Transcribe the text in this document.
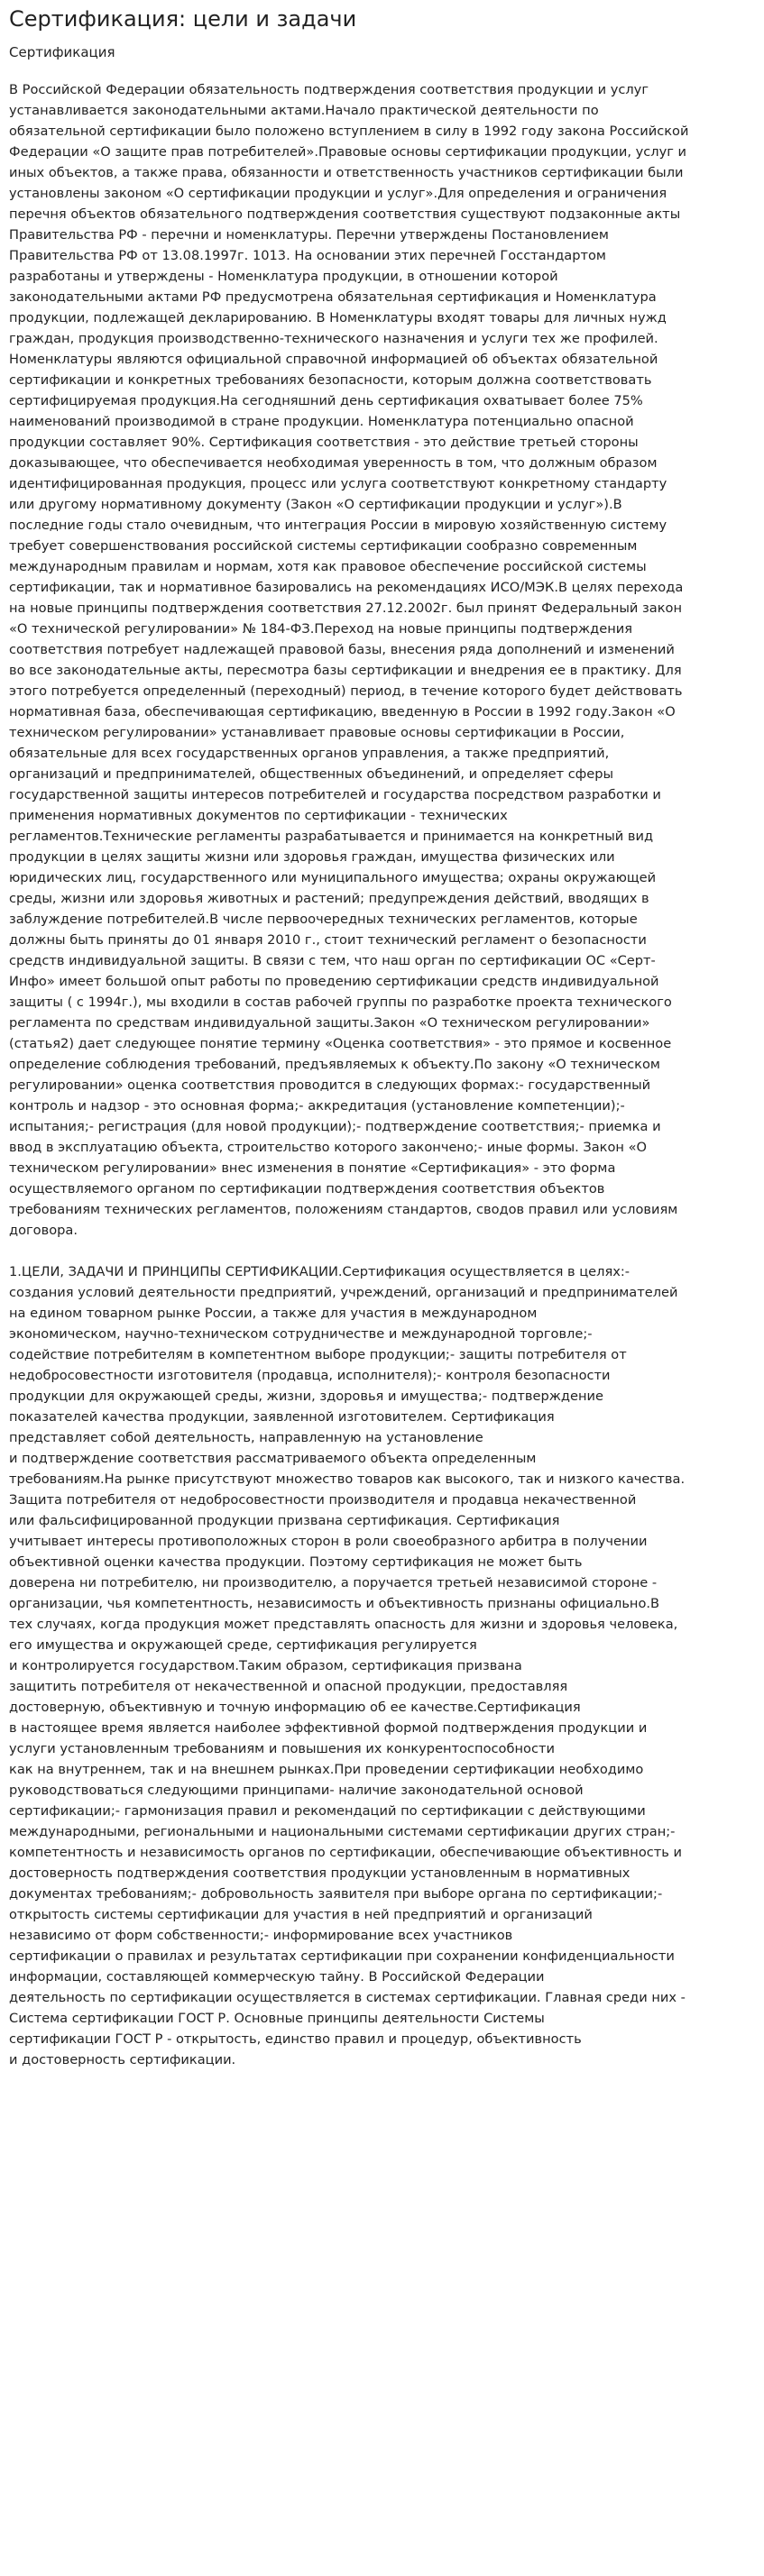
Сертификация: цели и задачи
Сертификация
В Российской Федерации обязательность подтверждения соответствия продукции и услуг
устанавливается законодательными актами.Начало практической деятельности по
обязательной сертификации было положено вступлением в силу в 1992 году закона Российской
Федерации «О защите прав потребителей».Правовые основы сертификации продукции, услуг и
иных объектов, а также права, обязанности и ответственность участников сертификации были
установлены законом «О сертификации продукции и услуг».Для определения и ограничения
перечня объектов обязательного подтверждения соответствия существуют подзаконные акты
Правительства РФ - перечни и номенклатуры. Перечни утверждены Постановлением
Правительства РФ от 13.08.1997г. 1013. На основании этих перечней Госстандартом
разработаны и утверждены - Номенклатура продукции, в отношении которой
законодательными актами РФ предусмотрена обязательная сертификация и Номенклатура
продукции, подлежащей декларированию. В Номенклатуры входят товары для личных нужд
граждан, продукция производственно-технического назначения и услуги тех же профилей.
Номенклатуры являются официальной справочной информацией об объектах обязательной
сертификации и конкретных требованиях безопасности, которым должна соответствовать
сертифицируемая продукция.На сегодняшний день сертификация охватывает более 75%
наименований производимой в стране продукции. Номенклатура потенциально опасной
продукции составляет 90%. Сертификация соответствия - это действие третьей стороны
доказывающее, что обеспечивается необходимая уверенность в том, что должным образом
идентифицированная продукция, процесс или услуга соответствуют конкретному стандарту
или другому нормативному документу (Закон «О сертификации продукции и услуг»).В
последние годы стало очевидным, что интеграция России в мировую хозяйственную систему
требует совершенствования российской системы сертификации сообразно современным
международным правилам и нормам, хотя как правовое обеспечение российской системы
сертификации, так и нормативное базировались на рекомендациях ИСО/МЭК.В целях перехода
на новые принципы подтверждения соответствия 27.12.2002г. был принят Федеральный закон
«О технической регулировании» № 184-ФЗ.Переход на новые принципы подтверждения
соответствия потребует надлежащей правовой базы, внесения ряда дополнений и изменений
во все законодательные акты, пересмотра базы сертификации и внедрения ее в практику. Для
этого потребуется определенный (переходный) период, в течение которого будет действовать
нормативная база, обеспечивающая сертификацию, введенную в России в 1992 году.Закон «О
техническом регулировании» устанавливает правовые основы сертификации в России,
обязательные для всех государственных органов управления, а также предприятий,
организаций и предпринимателей, общественных объединений, и определяет сферы
государственной защиты интересов потребителей и государства посредством разработки и
применения нормативных документов по сертификации - технических
регламентов.Технические регламенты разрабатывается и принимается на конкретный вид
продукции в целях защиты жизни или здоровья граждан, имущества физических или
юридических лиц, государственного или муниципального имущества; охраны окружающей
среды, жизни или здоровья животных и растений; предупреждения действий, вводящих в
заблуждение потребителей.В числе первоочередных технических регламентов, которые
должны быть приняты до 01 января 2010 г., стоит технический регламент о безопасности
средств индивидуальной защиты. В связи с тем, что наш орган по сертификации ОС «Серт-
Инфо» имеет большой опыт работы по проведению сертификации средств индивидуальной
защиты ( с 1994г.), мы входили в состав рабочей группы по разработке проекта технического
регламента по средствам индивидуальной защиты.Закон «О техническом регулировании»
(статья2) дает следующее понятие термину «Оценка соответствия» - это прямое и косвенное
определение соблюдения требований, предъявляемых к объекту.По закону «О техническом
регулировании» оценка соответствия проводится в следующих формах:- государственный
контроль и надзор - это основная форма;- аккредитация (установление компетенции);-
испытания;- регистрация (для новой продукции);- подтверждение соответствия;- приемка и
ввод в эксплуатацию объекта, строительство которого закончено;- иные формы. Закон «О
техническом регулировании» внес изменения в понятие «Сертификация» - это форма
осуществляемого органом по сертификации подтверждения соответствия объектов
требованиям технических регламентов, положениям стандартов, сводов правил или условиям
договора.
1.ЦЕЛИ, ЗАДАЧИ И ПРИНЦИПЫ СЕРТИФИКАЦИИ.Сертификация осуществляется в целях:-
создания условий деятельности предприятий, учреждений, организаций и предпринимателей
на едином товарном рынке России, а также для участия в международном
экономическом, научно-техническом сотрудничестве и международной торговле;-
содействие потребителям в компетентном выборе продукции;- защиты потребителя от
недобросовестности изготовителя (продавца, исполнителя);- контроля безопасности
продукции для окружающей среды, жизни, здоровья и имущества;- подтверждение
показателей качества продукции, заявленной изготовителем. Сертификация
представляет собой деятельность, направленную на установление
и подтверждение соответствия рассматриваемого объекта определенным
требованиям.На рынке присутствуют множество товаров как высокого, так и низкого качества.
Защита потребителя от недобросовестности производителя и продавца некачественной
или фальсифицированной продукции призвана сертификация. Сертификация
учитывает интересы противоположных сторон в роли своеобразного арбитра в получении
объективной оценки качества продукции. Поэтому сертификация не может быть
доверена ни потребителю, ни производителю, а поручается третьей независимой стороне -
организации, чья компетентность, независимость и объективность признаны официально.В
тех случаях, когда продукция может представлять опасность для жизни и здоровья человека,
его имущества и окружающей среде, сертификация регулируется
и контролируется государством.Таким образом, сертификация призвана
защитить потребителя от некачественной и опасной продукции, предоставляя
достоверную, объективную и точную информацию об ее качестве.Сертификация
в настоящее время является наиболее эффективной формой подтверждения продукции и
услуги установленным требованиям и повышения их конкурентоспособности
как на внутреннем, так и на внешнем рынках.При проведении сертификации необходимо
руководствоваться следующими принципами- наличие законодательной основой
сертификации;- гармонизация правил и рекомендаций по сертификации с действующими
международными, региональными и национальными системами сертификации других стран;-
компетентность и независимость органов по сертификации, обеспечивающие объективность и
достоверность подтверждения соответствия продукции установленным в нормативных
документах требованиям;- добровольность заявителя при выборе органа по сертификации;-
открытость системы сертификации для участия в ней предприятий и организаций
независимо от форм собственности;- информирование всех участников
сертификации о правилах и результатах сертификации при сохранении конфиденциальности
информации, составляющей коммерческую тайну. В Российской Федерации
деятельность по сертификации осуществляется в системах сертификации. Главная среди них -
Система сертификации ГОСТ Р. Основные принципы деятельности Системы
сертификации ГОСТ Р - открытость, единство правил и процедур, объективность
и достоверность сертификации.
